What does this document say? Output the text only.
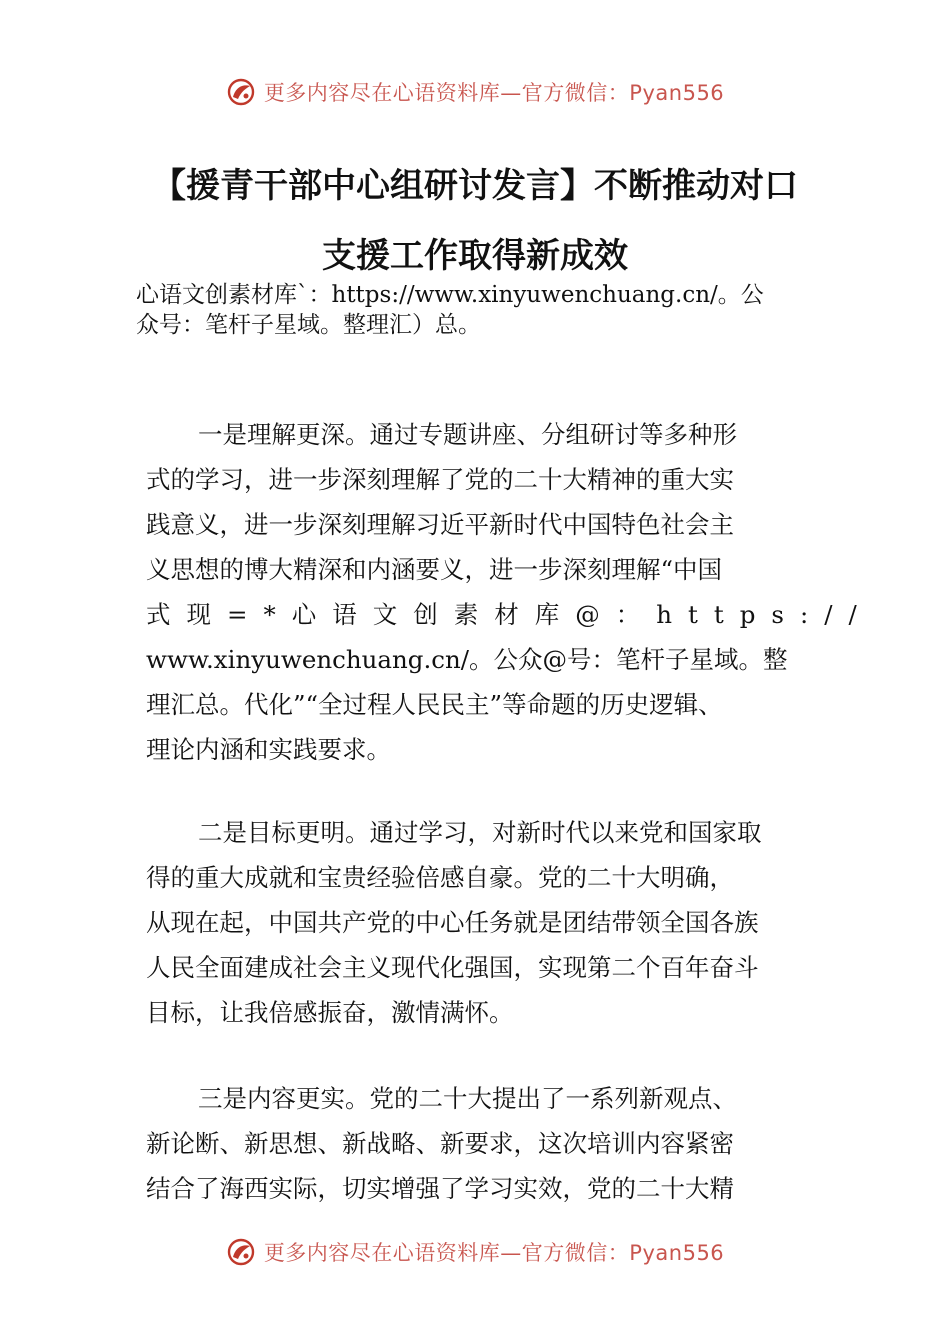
更多内容尽在心语资料库—官方微信：Pyan556
【援青干部中心组研讨发言】不断推动对口
支援工作取得新成效
心语文创素材库`：https://www.xinyuwenchuang.cn/。公
众号：笔杆子星域。整理汇）总。
一是理解更深。通过专题讲座、分组研讨等多种形
式的学习，进一步深刻理解了党的二十大精神的重大实
践意义，进一步深刻理解习近平新时代中国特色社会主
义思想的博大精深和内涵要义，进一步深刻理解“中国
式现=*心语文创素材库@：https://
www.xinyuwenchuang.cn/。公众@号：笔杆子星域。整
理汇总。代化”“全过程人民民主”等命题的历史逻辑、
理论内涵和实践要求。
二是目标更明。通过学习，对新时代以来党和国家取
得的重大成就和宝贵经验倍感自豪。党的二十大明确，
从现在起，中国共产党的中心任务就是团结带领全国各族
人民全面建成社会主义现代化强国，实现第二个百年奋斗
目标，让我倍感振奋，激情满怀。
三是内容更实。党的二十大提出了一系列新观点、
新论断、新思想、新战略、新要求，这次培训内容紧密
结合了海西实际，切实增强了学习实效，党的二十大精
更多内容尽在心语资料库—官方微信：Pyan556
